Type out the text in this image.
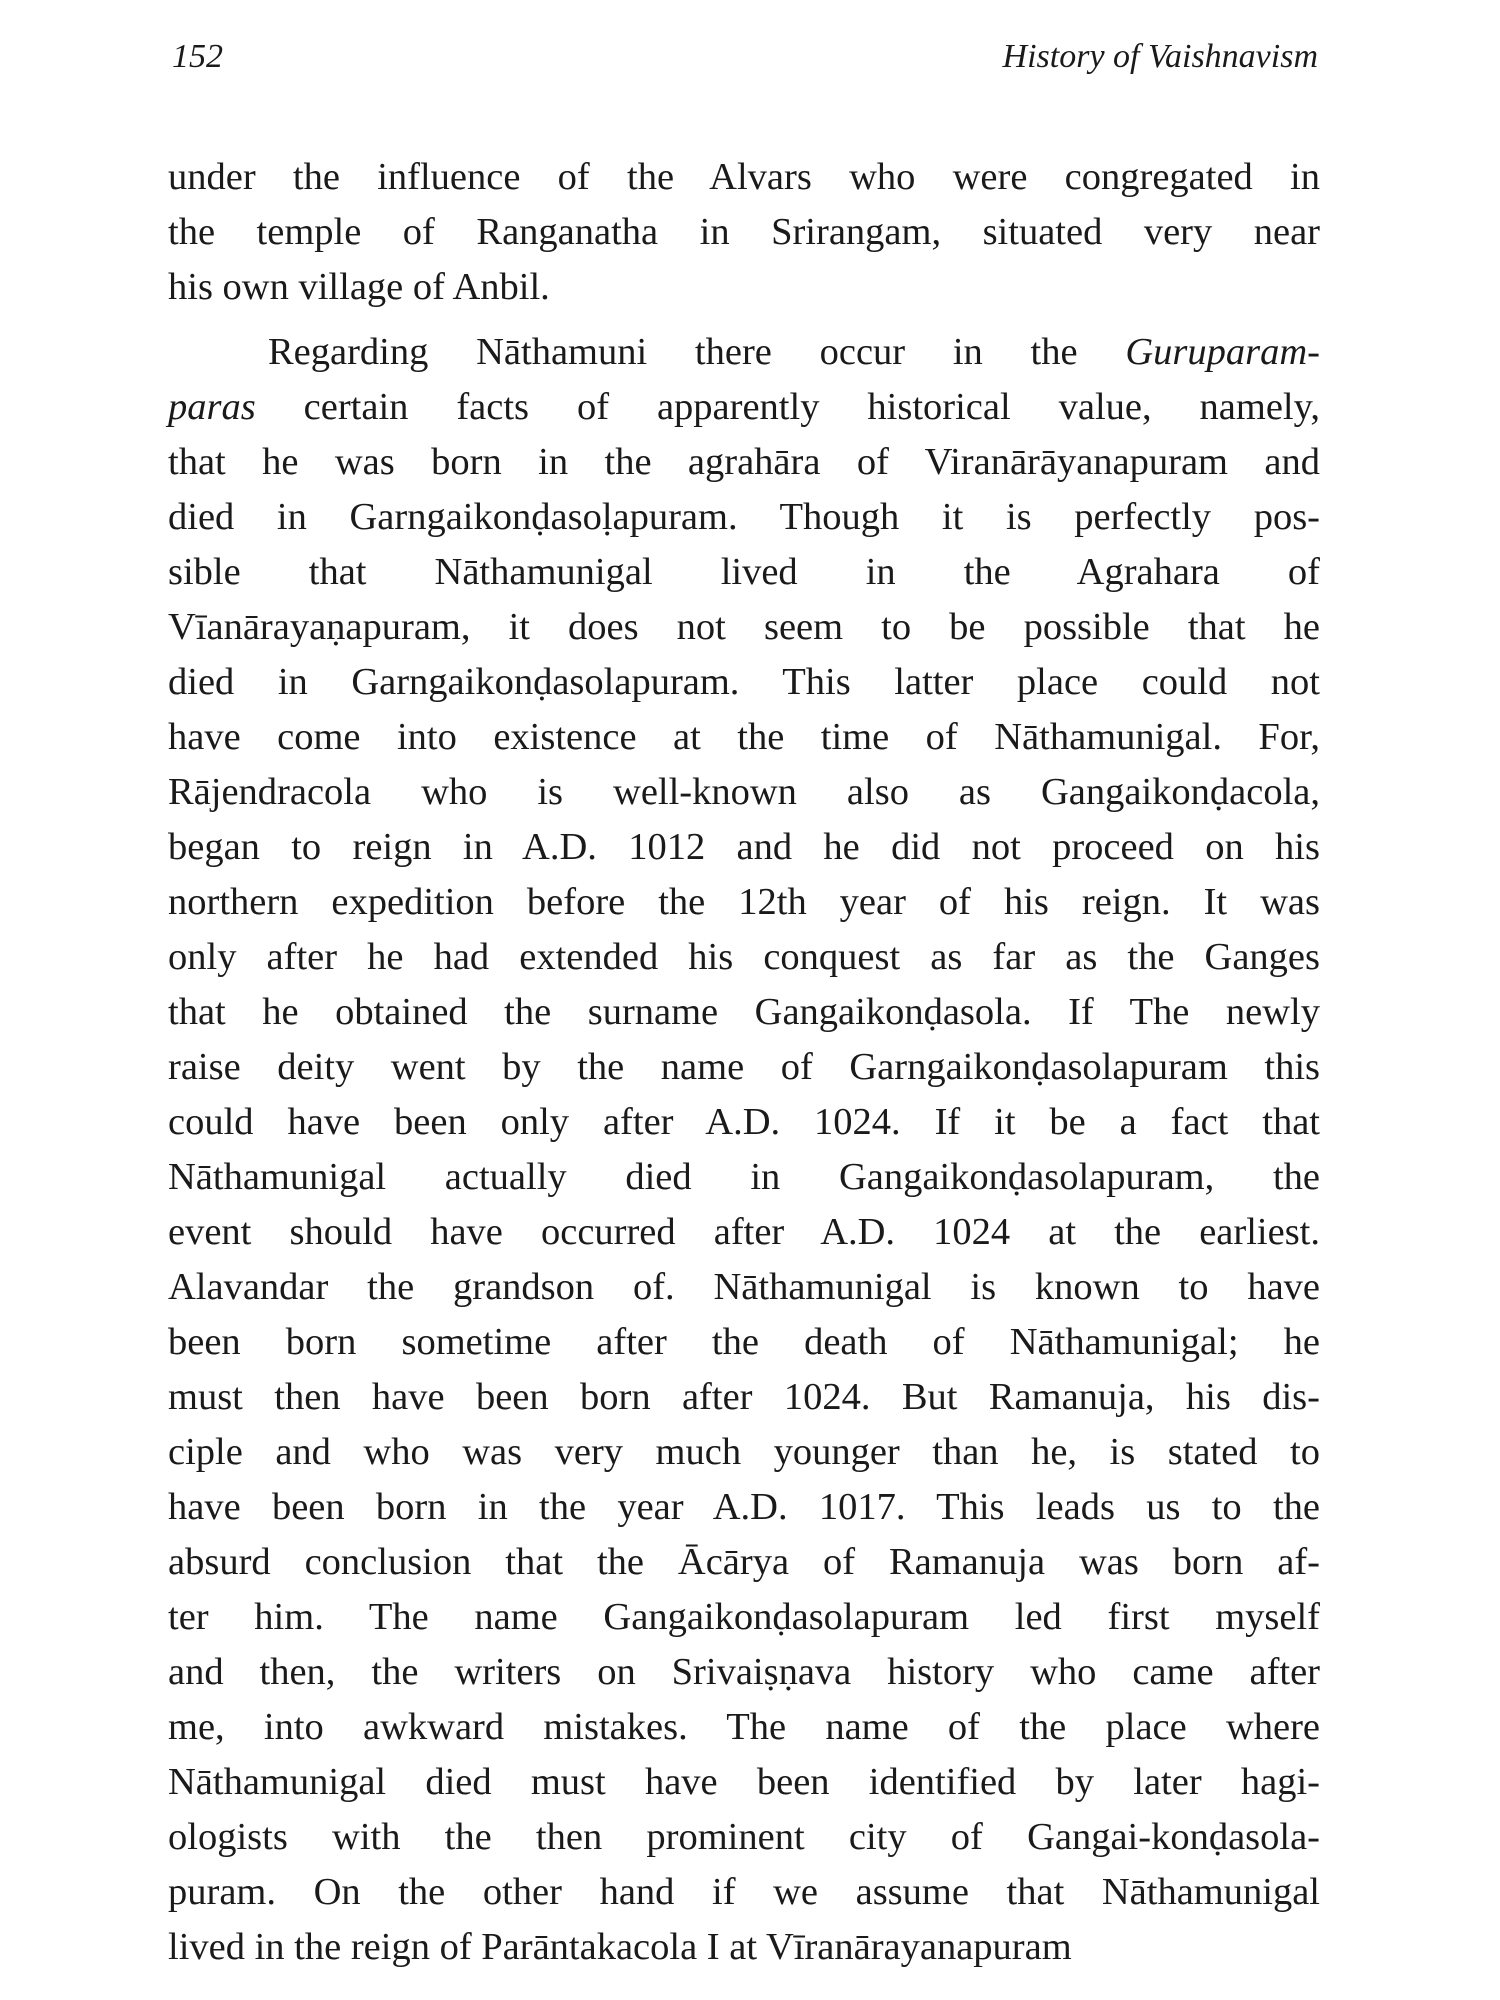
152	History of Vaishnavism
under the influence of the Alvars who were congregated in
the temple of Ranganatha in Srirangam, situated very near
his own village of Anbil.
Regarding Nāthamuni there occur in the Guruparam-
paras certain facts of apparently historical value, namely,
that he was born in the agrahāra of Viranārāyanapuram and
died in Garngaikonḍasoḷapuram. Though it is perfectly pos-
sible that Nāthamunigal lived in the Agrahara of
Vīanārayaṇapuram, it does not seem to be possible that he
died in Garngaikonḍasolapuram. This latter place could not
have come into existence at the time of Nāthamunigal. For,
Rājendracola who is well-known also as Gangaikonḍacola,
began to reign in A.D. 1012 and he did not proceed on his
northern expedition before the 12th year of his reign. It was
only after he had extended his conquest as far as the Ganges
that he obtained the surname Gangaikonḍasola. If The newly
raise deity went by the name of Garngaikonḍasolapuram this
could have been only after A.D. 1024. If it be a fact that
Nāthamunigal actually died in Gangaikonḍasolapuram, the
event should have occurred after A.D. 1024 at the earliest.
Alavandar the grandson of. Nāthamunigal is known to have
been born sometime after the death of Nāthamunigal; he
must then have been born after 1024. But Ramanuja, his dis-
ciple and who was very much younger than he, is stated to
have been born in the year A.D. 1017. This leads us to the
absurd conclusion that the Ācārya of Ramanuja was born af-
ter him. The name Gangaikonḍasolapuram led first myself
and then, the writers on Srivaiṣṇava history who came after
me, into awkward mistakes. The name of the place where
Nāthamunigal died must have been identified by later hagi-
ologists with the then prominent city of Gangai-konḍasola-
puram. On the other hand if we assume that Nāthamunigal
lived in the reign of Parāntakacola I at Vīranārayanapuram
